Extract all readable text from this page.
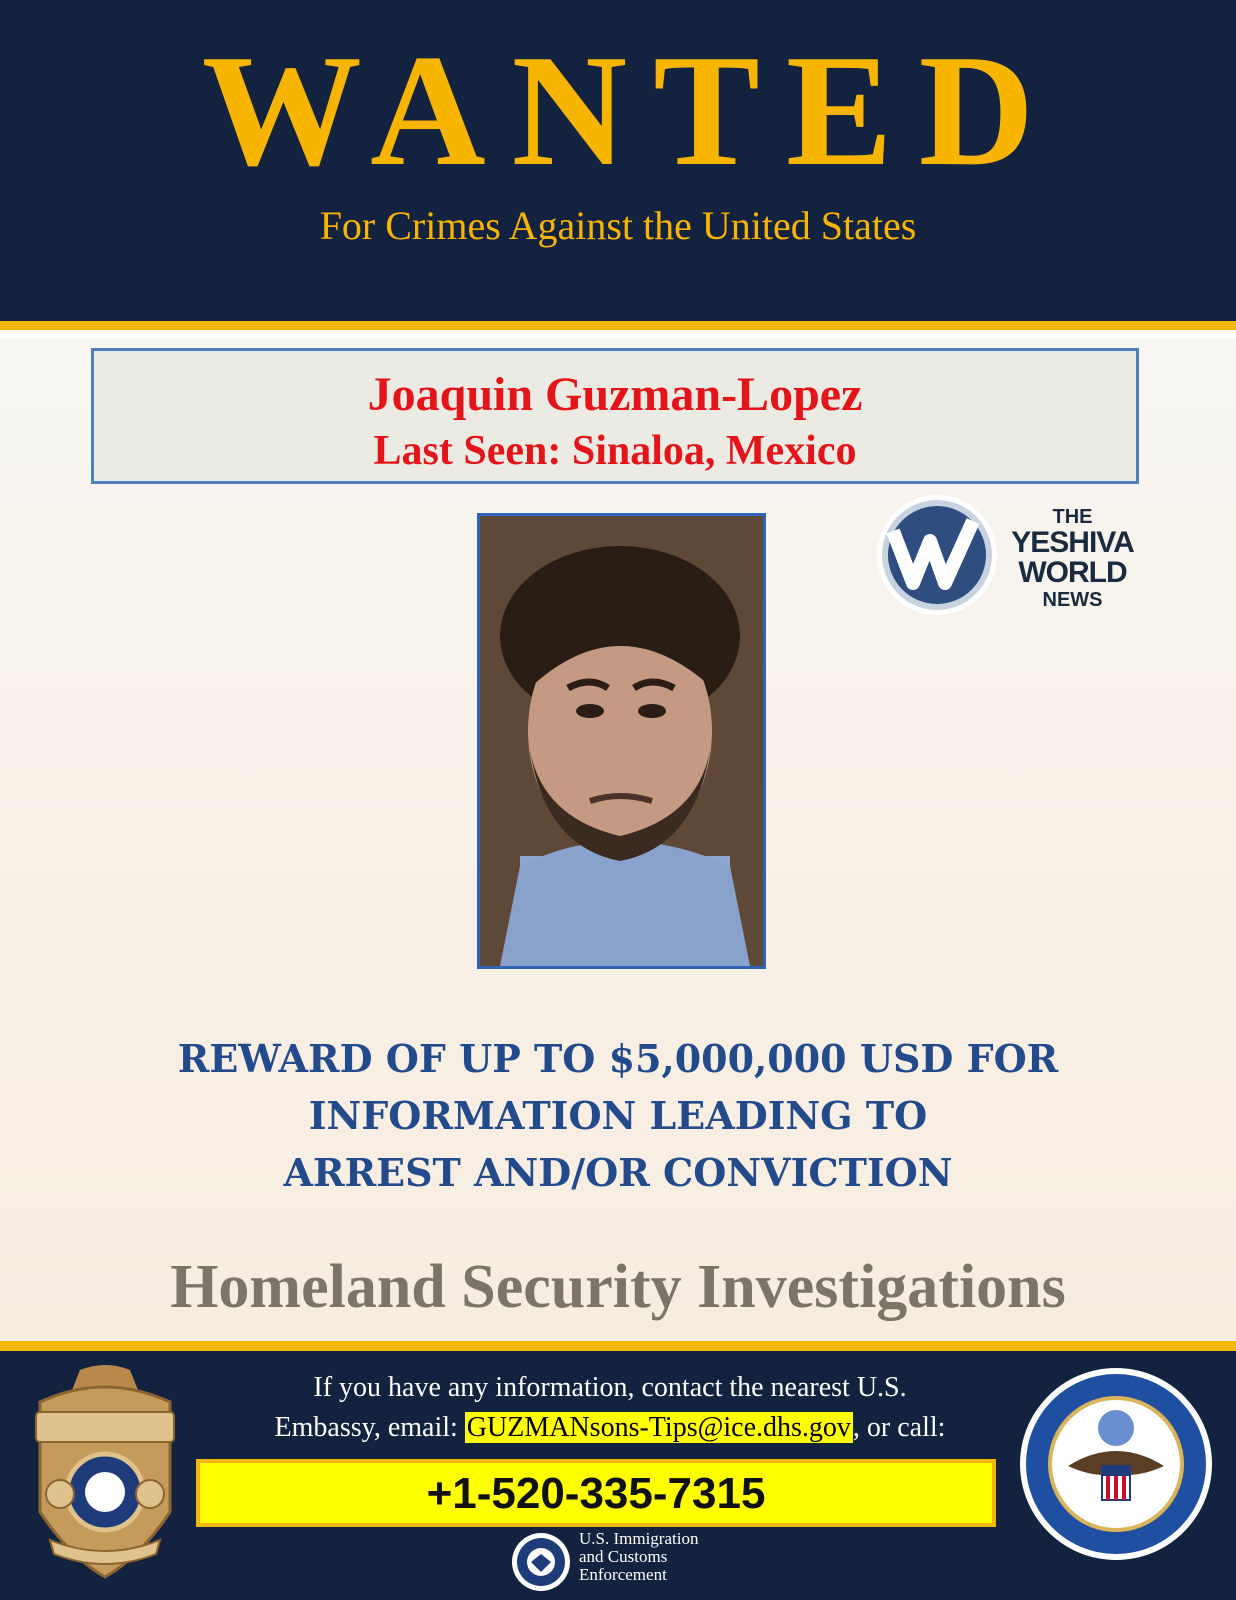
WANTED
For Crimes Against the United States
Joaquin Guzman-Lopez
Last Seen: Sinaloa, Mexico
THE
YESHIVA
WORLD
NEWS
REWARD OF UP TO $5,000,000 USD FOR
INFORMATION LEADING TO
ARREST AND/OR CONVICTION
Homeland Security Investigations
If you have any information, contact the nearest U.S.
Embassy, email: GUZMANsons-Tips@ice.dhs.gov, or call:
+1-520-335-7315
U.S. Immigration
and Customs
Enforcement
